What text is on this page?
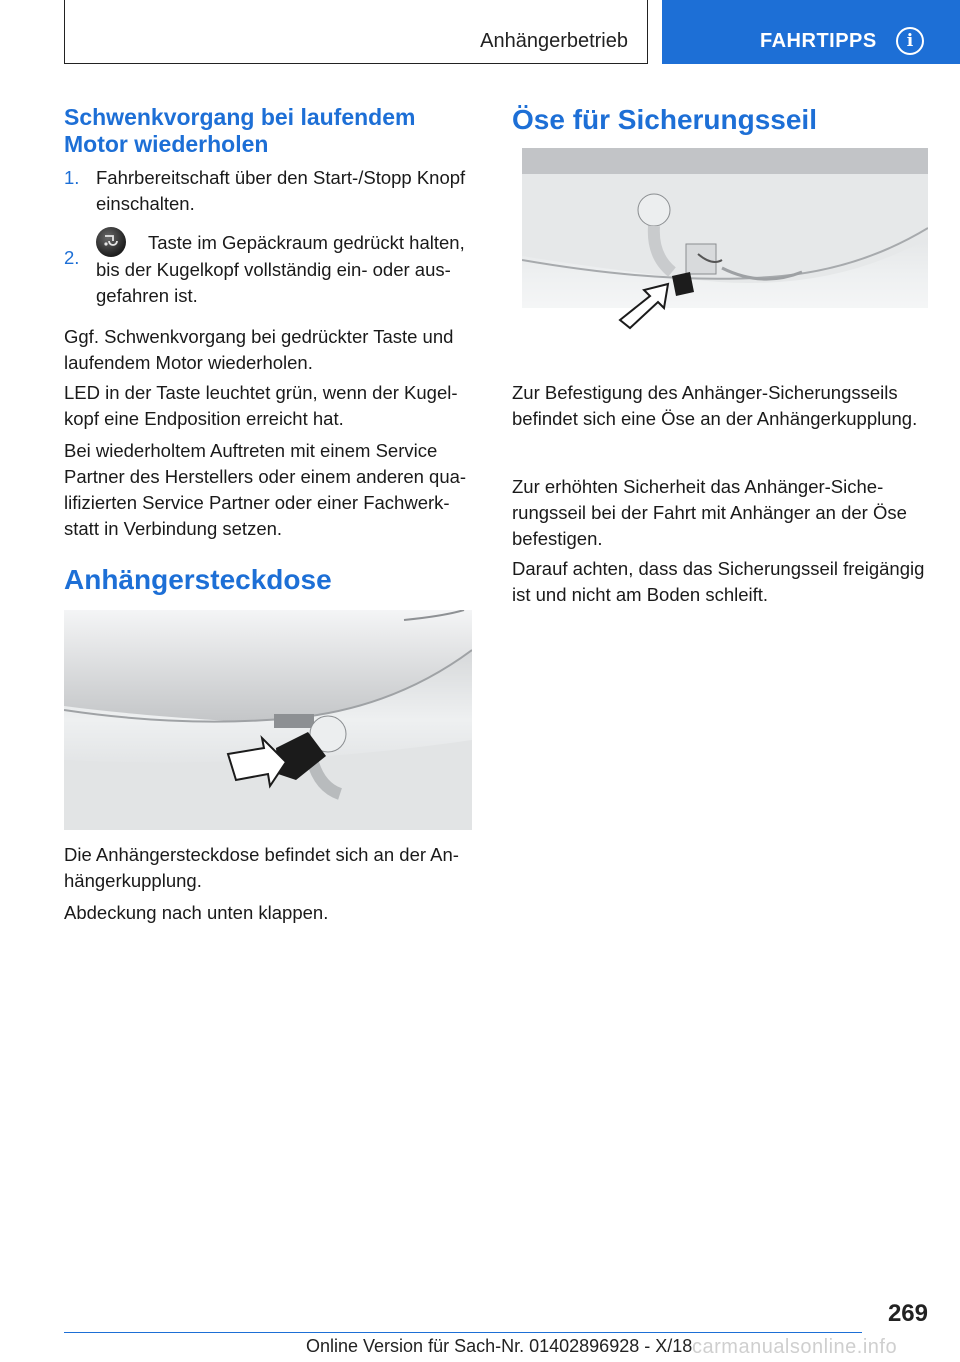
Anhängerbetrieb	FAHRTIPPS	i
Schwenkvorgang bei laufendem Motor wiederholen
1. Fahrbereitschaft über den Start-/Stopp Knopf einschalten.
2.
Taste im Gepäckraum gedrückt halten, bis der Kugelkopf vollständig ein- oder ausgefahren ist.

Ggf. Schwenkvorgang bei gedrückter Taste und laufendem Motor wiederholen.

LED in der Taste leuchtet grün, wenn der Kugelkopf eine Endposition erreicht hat.

Bei wiederholtem Auftreten mit einem Service Partner des Herstellers oder einem anderen qualifizierten Service Partner oder einer Fachwerkstatt in Verbindung setzen.

Anhängersteckdose

Die Anhängersteckdose befindet sich an der Anhängerkupplung.

Abdeckung nach unten klappen.

Öse für Sicherungsseil

Zur Befestigung des Anhänger-Sicherungsseils befindet sich eine Öse an der Anhängerkupplung.

Zur erhöhten Sicherheit das Anhänger-Sicherungsseil bei der Fahrt mit Anhänger an der Öse befestigen.

Darauf achten, dass das Sicherungsseil freigängig ist und nicht am Boden schleift.

269
Online Version für Sach-Nr. 01402896928 - X/18 carmanualsonline.info
